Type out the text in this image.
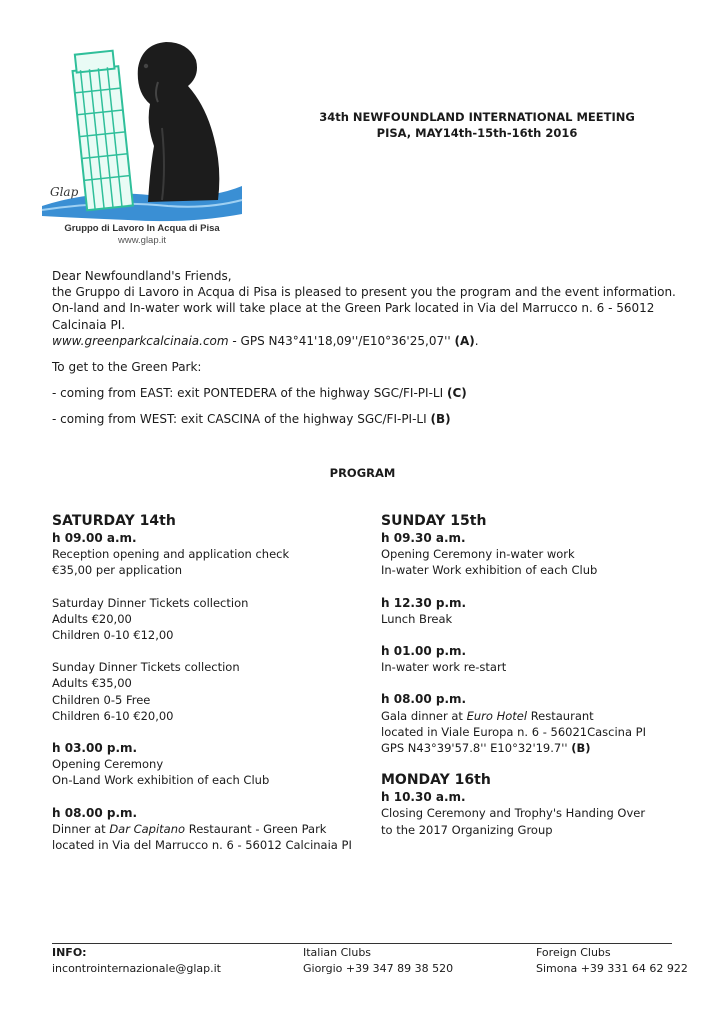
Glap
Gruppo di Lavoro In Acqua di Pisa
www.glap.it
34th NEWFOUNDLAND INTERNATIONAL MEETING
PISA, MAY14th-15th-16th 2016

Dear Newfoundland's Friends,

the Gruppo di Lavoro in Acqua di Pisa is pleased to present you the program and the event information.

On-land and In-water work will take place at the Green Park located in Via del Marrucco n. 6 - 56012

Calcinaia PI.

www.greenparkcalcinaia.com - GPS N43°41'18,09''/E10°36'25,07'' (A).

To get to the Green Park:

- coming from EAST: exit PONTEDERA of the highway SGC/FI-PI-LI (C)

- coming from WEST: exit CASCINA of the highway SGC/FI-PI-LI (B)

PROGRAM
SATURDAY 14th
h 09.00 a.m.
Reception opening and application check
€35,00 per application
Saturday Dinner Tickets collection
Adults €20,00
Children 0-10 €12,00
Sunday Dinner Tickets collection
Adults €35,00
Children 0-5 Free
Children 6-10 €20,00
h 03.00 p.m.
Opening Ceremony
On-Land Work exhibition of each Club
h 08.00 p.m.
Dinner at Dar Capitano Restaurant - Green Park
located in Via del Marrucco n. 6 - 56012 Calcinaia PI
SUNDAY 15th
h 09.30 a.m.
Opening Ceremony in-water work
In-water Work exhibition of each Club
h 12.30 p.m.
Lunch Break
h 01.00 p.m.
In-water work re-start
h 08.00 p.m.
Gala dinner at Euro Hotel Restaurant
located in Viale Europa n. 6 - 56021Cascina PI
GPS N43°39'57.8'' E10°32'19.7'' (B)
MONDAY 16th
h 10.30 a.m.
Closing Ceremony and Trophy's Handing Over
to the 2017 Organizing Group
INFO:
incontrointernazionale@glap.it
Italian Clubs
Giorgio +39 347 89 38 520
Foreign Clubs
Simona +39 331 64 62 922
